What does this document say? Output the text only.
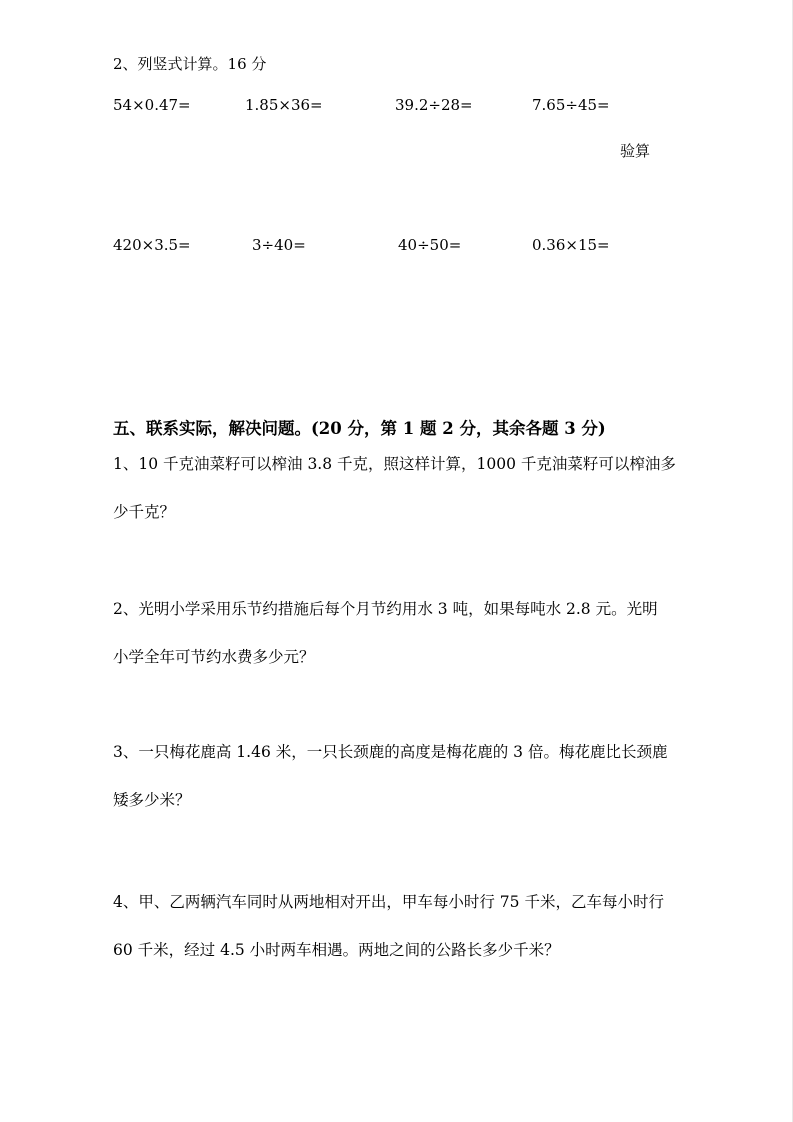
2、列竖式计算。16 分
54×0.47=	1.85×36=	39.2÷28=	7.65÷45=
验算
420×3.5=	3÷40=	40÷50=	0.36×15=
五、联系实际，解决问题。(20 分，第 1 题 2 分，其余各题 3 分)
1、10 千克油菜籽可以榨油 3.8 千克，照这样计算，1000 千克油菜籽可以榨油多
少千克？
2、光明小学采用乐节约措施后每个月节约用水 3 吨，如果每吨水 2.8 元。光明
小学全年可节约水费多少元？
3、一只梅花鹿高 1.46 米，一只长颈鹿的高度是梅花鹿的 3 倍。梅花鹿比长颈鹿
矮多少米？
4、甲、乙两辆汽车同时从两地相对开出，甲车每小时行 75 千米，乙车每小时行
60 千米，经过 4.5 小时两车相遇。两地之间的公路长多少千米？
